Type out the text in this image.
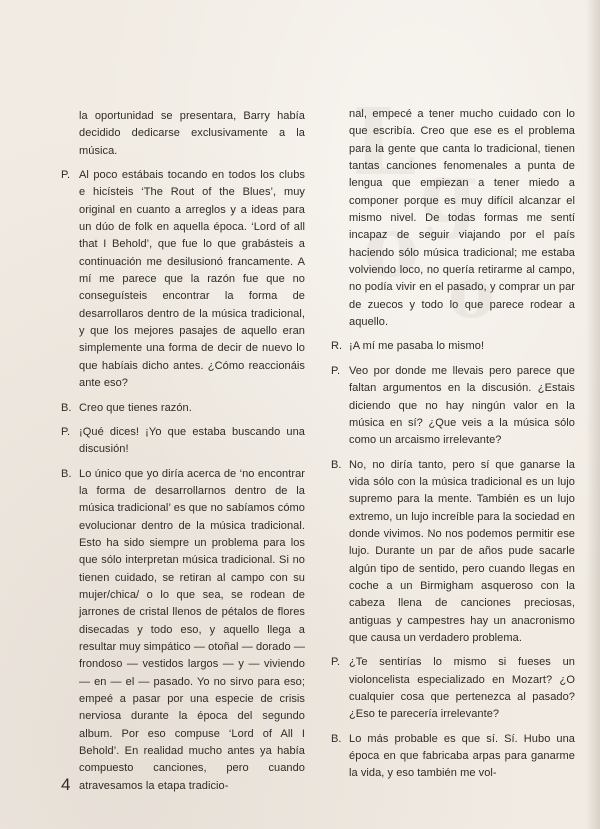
L g
o o
la oportunidad se presentara, Barry había decidido dedicarse exclusivamente a la música.
P. Al poco estábais tocando en todos los clubs e hicísteis ‘The Rout of the Blues’, muy original en cuanto a arreglos y a ideas para un dúo de folk en aquella época. ‘Lord of all that I Behold’, que fue lo que grabásteis a continuación me desilusionó francamente. A mí me parece que la razón fue que no conseguísteis encontrar la forma de desarrollaros dentro de la música tradicional, y que los mejores pasajes de aquello eran simplemente una forma de decir de nuevo lo que habíais dicho antes. ¿Cómo reaccionáis ante eso?
B. Creo que tienes razón.
P. ¡Qué dices! ¡Yo que estaba buscando una discusión!
B. Lo único que yo diría acerca de ‘no encontrar la forma de desarrollarnos dentro de la música tradicional’ es que no sabíamos cómo evolucionar dentro de la música tradicional. Esto ha sido siempre un problema para los que sólo interpretan música tradicional. Si no tienen cuidado, se retiran al campo con su mujer/chica/ o lo que sea, se rodean de jarrones de cristal llenos de pétalos de flores disecadas y todo eso, y aquello llega a resultar muy simpático — otoñal — dorado — frondoso — vestidos largos — y — viviendo — en — el — pasado. Yo no sirvo para eso; empeé a pasar por una especie de crisis nerviosa durante la época del segundo album. Por eso compuse ‘Lord of All I Behold’. En realidad mucho antes ya había compuesto canciones, pero cuando atravesamos la etapa tradicio-
nal, empecé a tener mucho cuidado con lo que escribía. Creo que ese es el problema para la gente que canta lo tradicional, tienen tantas canciones fenomenales a punta de lengua que empiezan a tener miedo a componer porque es muy difícil alcanzar el mismo nivel. De todas formas me sentí incapaz de seguir viajando por el país haciendo sólo música tradicional; me estaba volviendo loco, no quería retirarme al campo, no podía vivir en el pasado, y comprar un par de zuecos y todo lo que parece rodear a aquello.
R. ¡A mí me pasaba lo mismo!
P. Veo por donde me llevais pero parece que faltan argumentos en la discusión. ¿Estais diciendo que no hay ningún valor en la música en sí? ¿Que veis a la música sólo como un arcaismo irrelevante?
B. No, no diría tanto, pero sí que ganarse la vida sólo con la música tradicional es un lujo supremo para la mente. También es un lujo extremo, un lujo increíble para la sociedad en donde vivimos. No nos podemos permitir ese lujo. Durante un par de años pude sacarle algún tipo de sentido, pero cuando llegas en coche a un Birmigham asqueroso con la cabeza llena de canciones preciosas, antiguas y campestres hay un anacronismo que causa un verdadero problema.
P. ¿Te sentirías lo mismo si fueses un violoncelista especializado en Mozart? ¿O cualquier cosa que pertenezca al pasado? ¿Eso te parecería irrelevante?
B. Lo más probable es que sí. Sí. Hubo una época en que fabricaba arpas para ganarme la vida, y eso también me vol-
4
